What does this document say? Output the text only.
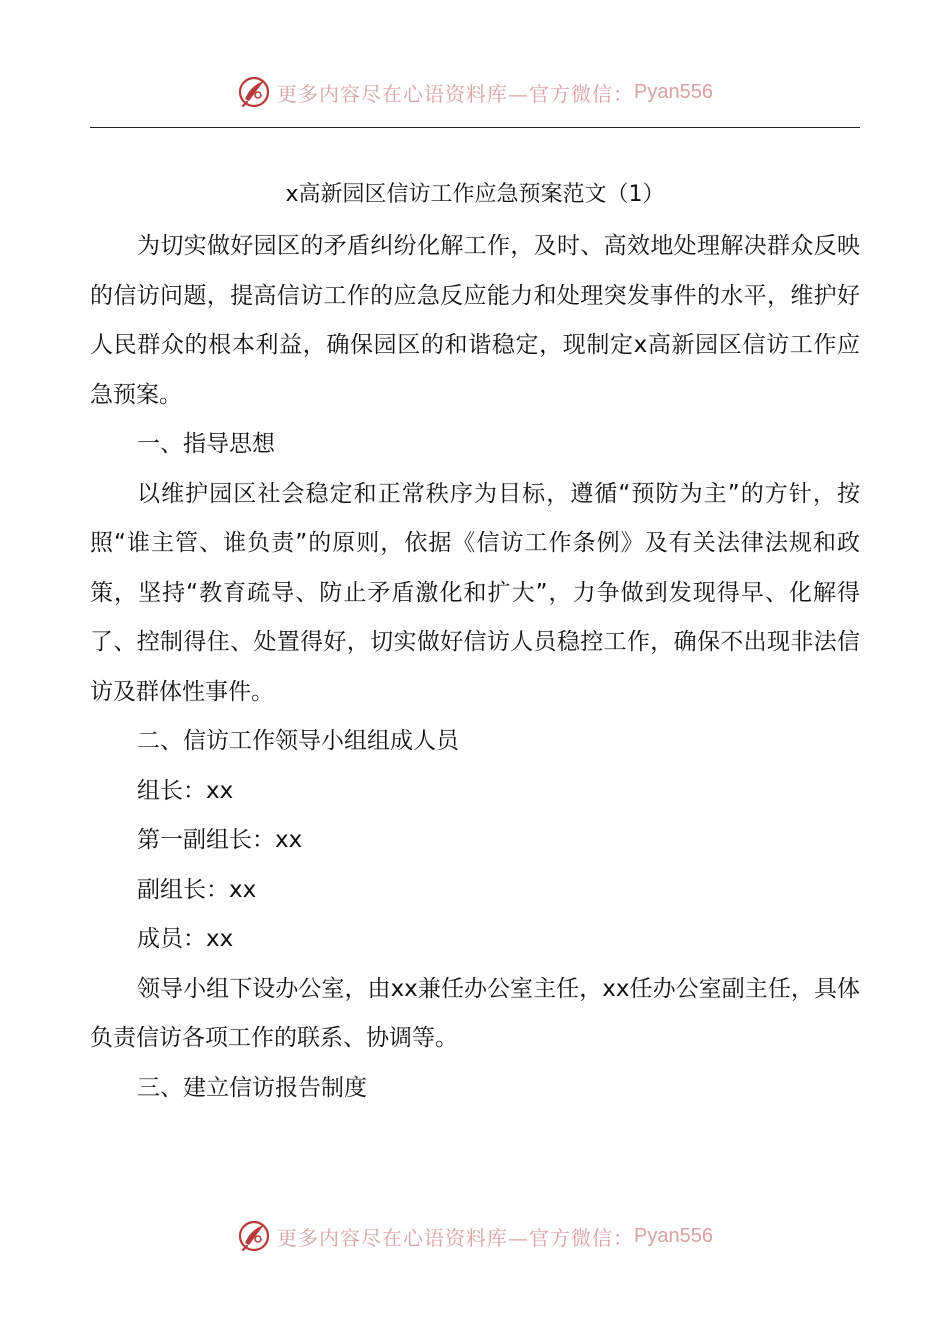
更多内容尽在心语资料库—官方微信： Pyan556
x高新园区信访工作应急预案范文（1）

为切实做好园区的矛盾纠纷化解工作，及时、高效地处理解决群众反映的信访问题，提高信访工作的应急反应能力和处理突发事件的水平，维护好人民群众的根本利益，确保园区的和谐稳定，现制定x高新园区信访工作应急预案。

一、指导思想

以维护园区社会稳定和正常秩序为目标，遵循“预防为主”的方针，按照“谁主管、谁负责”的原则，依据《信访工作条例》及有关法律法规和政策，坚持“教育疏导、防止矛盾激化和扩大”，力争做到发现得早、化解得了、控制得住、处置得好，切实做好信访人员稳控工作，确保不出现非法信访及群体性事件。

二、信访工作领导小组组成人员

组长：xx

第一副组长：xx

副组长：xx

成员：xx

领导小组下设办公室，由xx兼任办公室主任，xx任办公室副主任，具体负责信访各项工作的联系、协调等。

三、建立信访报告制度

更多内容尽在心语资料库—官方微信： Pyan556
